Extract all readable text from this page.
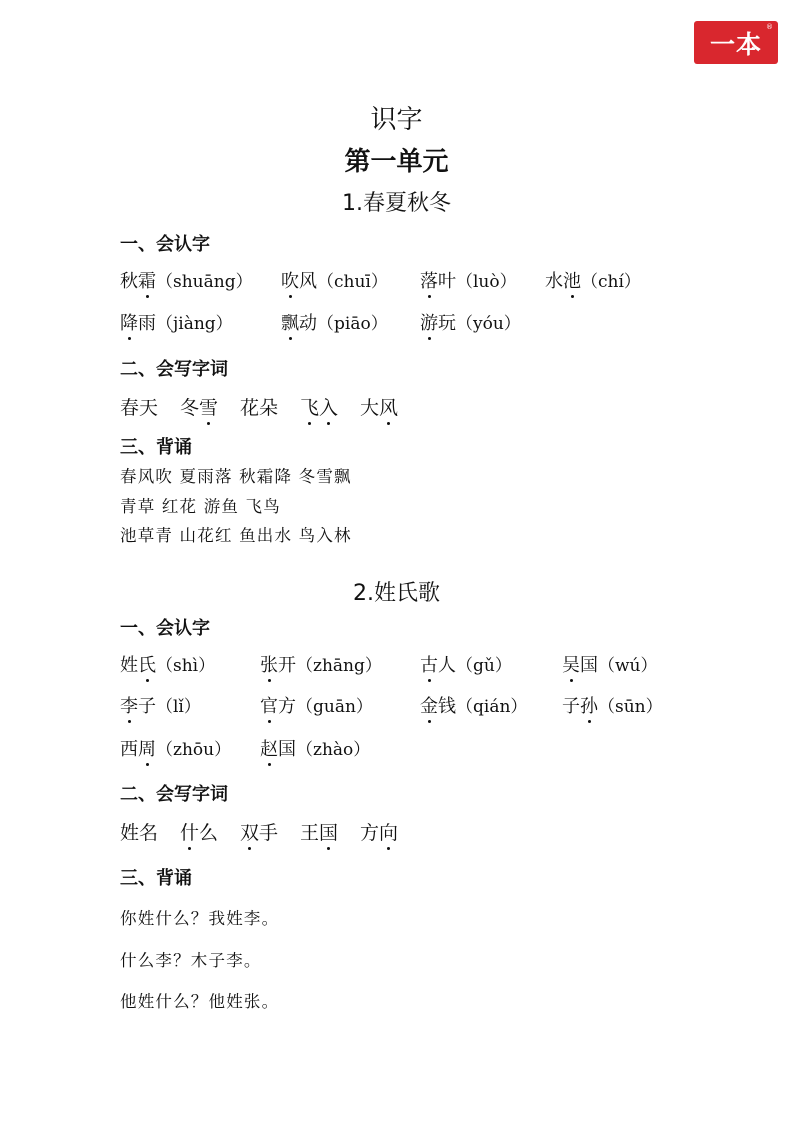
一本
®
识字
第一单元
1.春夏秋冬
一、会认字
秋霜（shuāng） 吹风（chuī） 落叶（luò） 水池（chí）
降雨（jiàng）	飘动（piāo） 游玩（yóu）
二、会写字词
春天 冬雪 花朵 飞入 大风
三、背诵
春风吹 夏雨落 秋霜降 冬雪飘
青草 红花 游鱼 飞鸟
池草青 山花红 鱼出水 鸟入林
2.姓氏歌
一、会认字
姓氏（shì） 张开（zhāng） 古人（gǔ）	吴国（wú）
李子（lǐ）	官方（guān）	金钱（qián） 子孙（sūn）
西周（zhōu） 赵国（zhào）
二、会写字词
姓名 什么 双手 王国 方向
三、背诵
你姓什么？我姓李。
什么李？木子李。
他姓什么？他姓张。
